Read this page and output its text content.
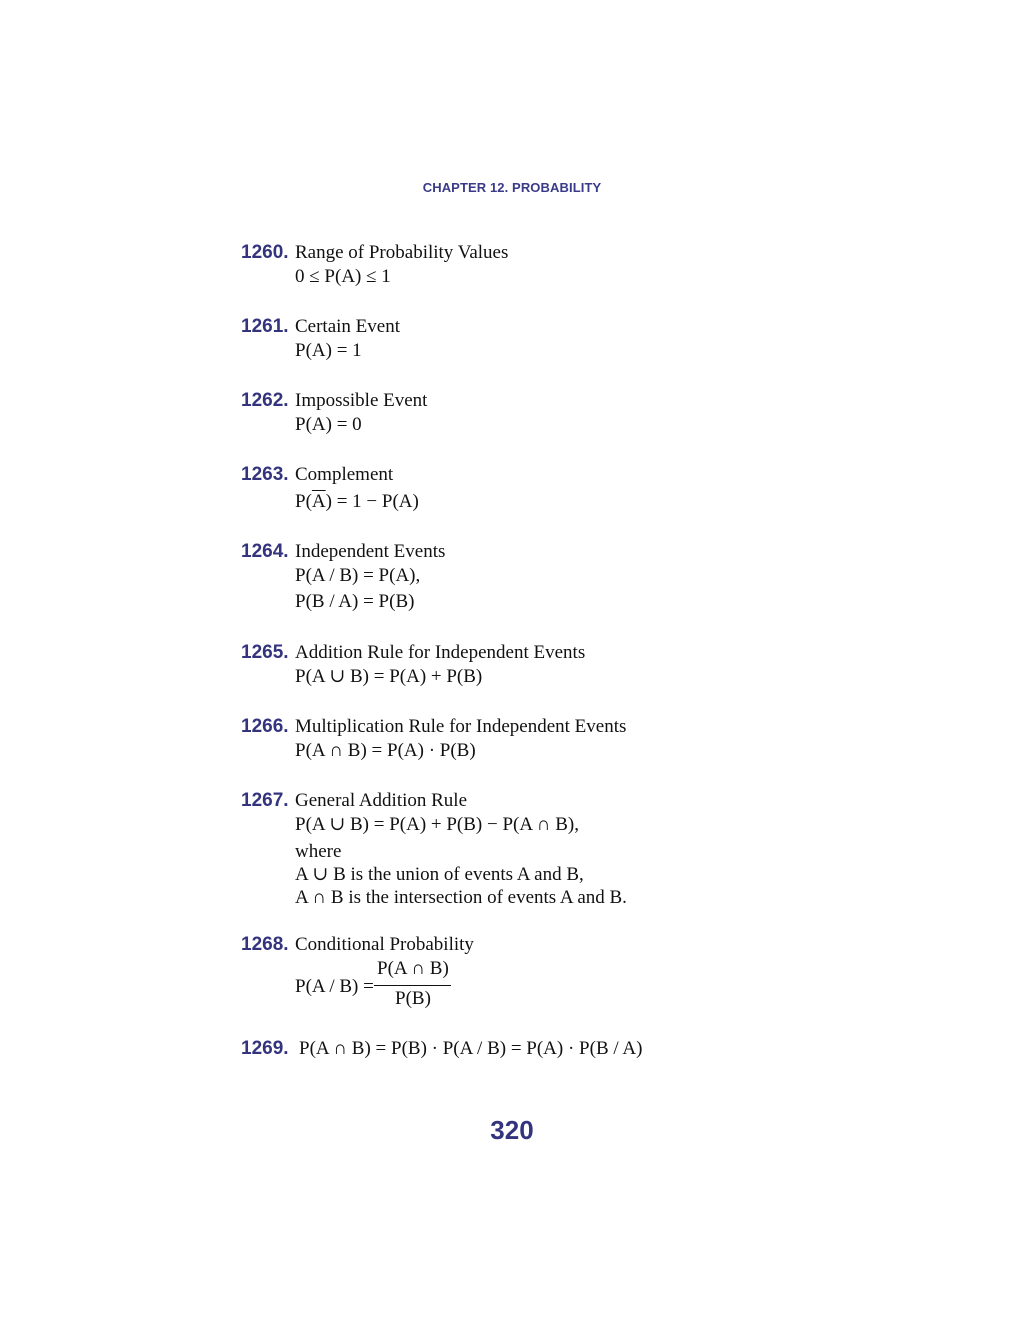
CHAPTER 12. PROBABILITY
1260. Range of Probability Values
0 ≤ P(A) ≤ 1
1261. Certain Event
P(A) = 1
1262. Impossible Event
P(A) = 0
1263. Complement
$P(\overline{A}) = 1 - P(A)$
1264. Independent Events
P(A / B) = P(A),
P(B / A) = P(B)
1265. Addition Rule for Independent Events
P(A ∪ B) = P(A) + P(B)
1266. Multiplication Rule for Independent Events
P(A ∩ B) = P(A) · P(B)
1267. General Addition Rule
P(A ∪ B) = P(A) + P(B) − P(A ∩ B),
where
A ∪ B is the union of events A and B,
A ∩ B is the intersection of events A and B.
1268. Conditional Probability
P(A / B) =
P(A ∩ B)
P(B)
1269. P(A ∩ B) = P(B) · P(A / B) = P(A) · P(B / A)
320
